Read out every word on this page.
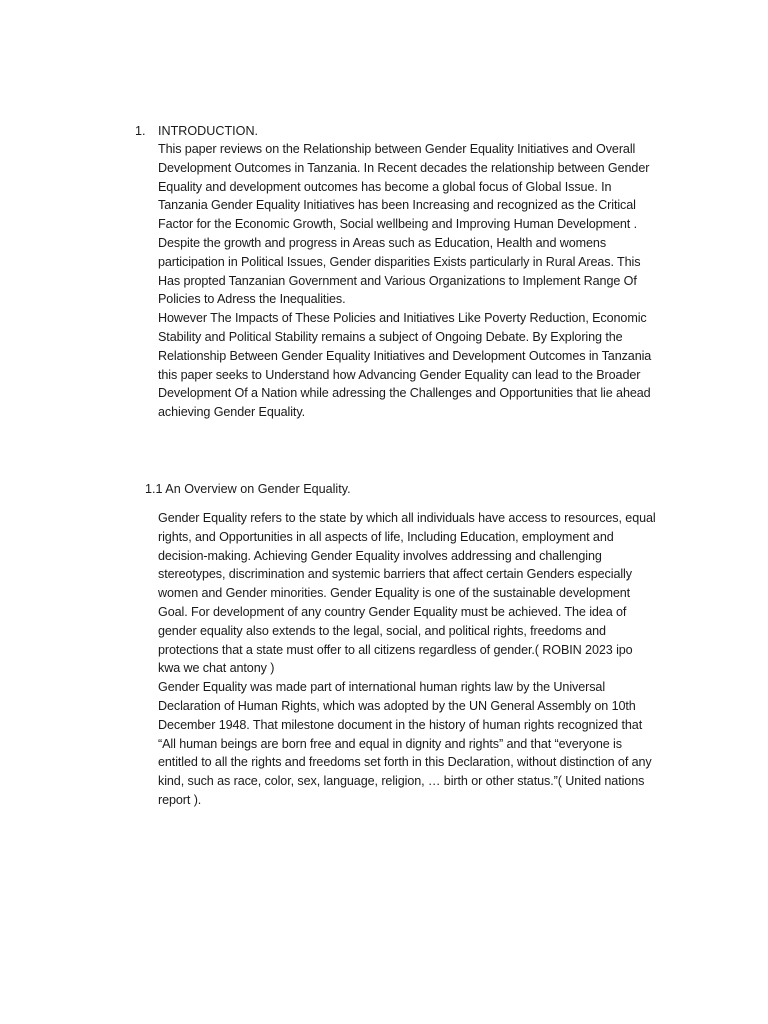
1. INTRODUCTION.

This paper reviews on the Relationship between Gender Equality Initiatives and Overall Development Outcomes in Tanzania. In Recent decades the relationship between Gender Equality and development outcomes has become a global focus of Global Issue. In Tanzania Gender Equality Initiatives has been Increasing and recognized as the Critical Factor for the Economic Growth, Social wellbeing and Improving Human Development . Despite the growth and progress in Areas such as Education, Health and womens participation in Political Issues, Gender disparities Exists particularly in Rural Areas. This Has propted Tanzanian Government and Various Organizations to Implement Range Of Policies to Adress the Inequalities.

However The Impacts of These Policies and Initiatives Like Poverty Reduction, Economic Stability and Political Stability remains a subject of Ongoing Debate. By Exploring the Relationship Between Gender Equality Initiatives and Development Outcomes in Tanzania this paper seeks to Understand how Advancing Gender Equality can lead to the Broader Development Of a Nation while adressing the Challenges and Opportunities that lie ahead achieving Gender Equality.

1.1 An Overview on Gender Equality.

Gender Equality refers to the state by which all individuals have access to resources, equal rights, and Opportunities in all aspects of life, Including Education, employment and decision-making. Achieving Gender Equality involves addressing and challenging stereotypes, discrimination and systemic barriers that affect certain Genders especially women and Gender minorities. Gender Equality is one of the sustainable development Goal. For development of any country Gender Equality must be achieved. The idea of gender equality also extends to the legal, social, and political rights, freedoms and protections that a state must offer to all citizens regardless of gender.( ROBIN 2023 ipo kwa we chat antony )

Gender Equality was made part of international human rights law by the Universal Declaration of Human Rights, which was adopted by the UN General Assembly on 10th December 1948. That milestone document in the history of human rights recognized that “All human beings are born free and equal in dignity and rights” and that “everyone is entitled to all the rights and freedoms set forth in this Declaration, without distinction of any kind, such as race, color, sex, language, religion, … birth or other status.”( United nations report ).
